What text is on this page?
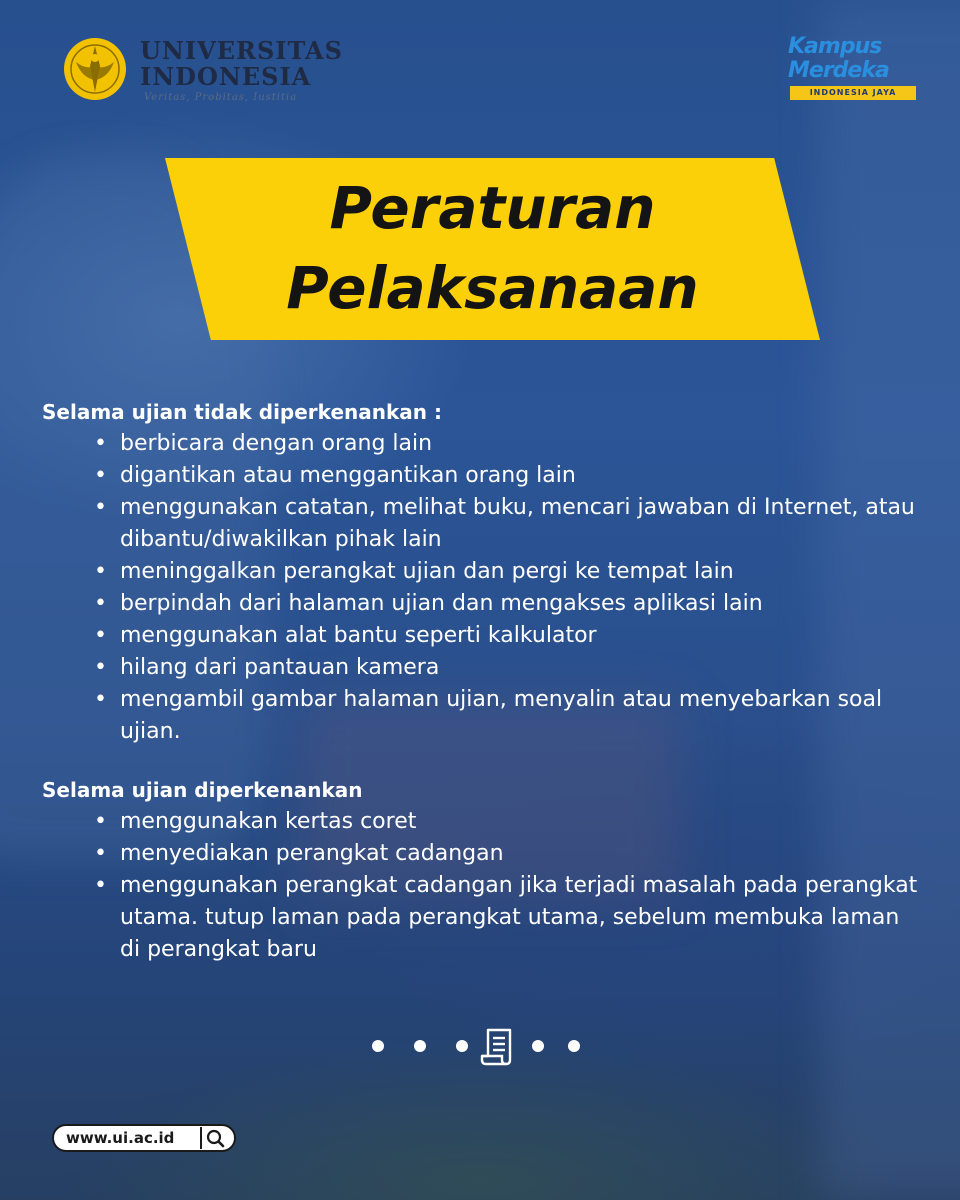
UNIVERSITAS
INDONESIA
Veritas, Probitas, Iustitia
Kampus
Merdeka
INDONESIA JAYA
Peraturan
Pelaksanaan
Selama ujian tidak diperkenankan :
• berbicara dengan orang lain
• digantikan atau menggantikan orang lain
• menggunakan catatan, melihat buku, mencari jawaban di Internet, atau dibantu/diwakilkan pihak lain
• meninggalkan perangkat ujian dan pergi ke tempat lain
• berpindah dari halaman ujian dan mengakses aplikasi lain
• menggunakan alat bantu seperti kalkulator
• hilang dari pantauan kamera
• mengambil gambar halaman ujian, menyalin atau menyebarkan soal ujian.
Selama ujian diperkenankan
• menggunakan kertas coret
• menyediakan perangkat cadangan
• menggunakan perangkat cadangan jika terjadi masalah pada perangkat utama. tutup laman pada perangkat utama, sebelum membuka laman di perangkat baru
www.ui.ac.id
